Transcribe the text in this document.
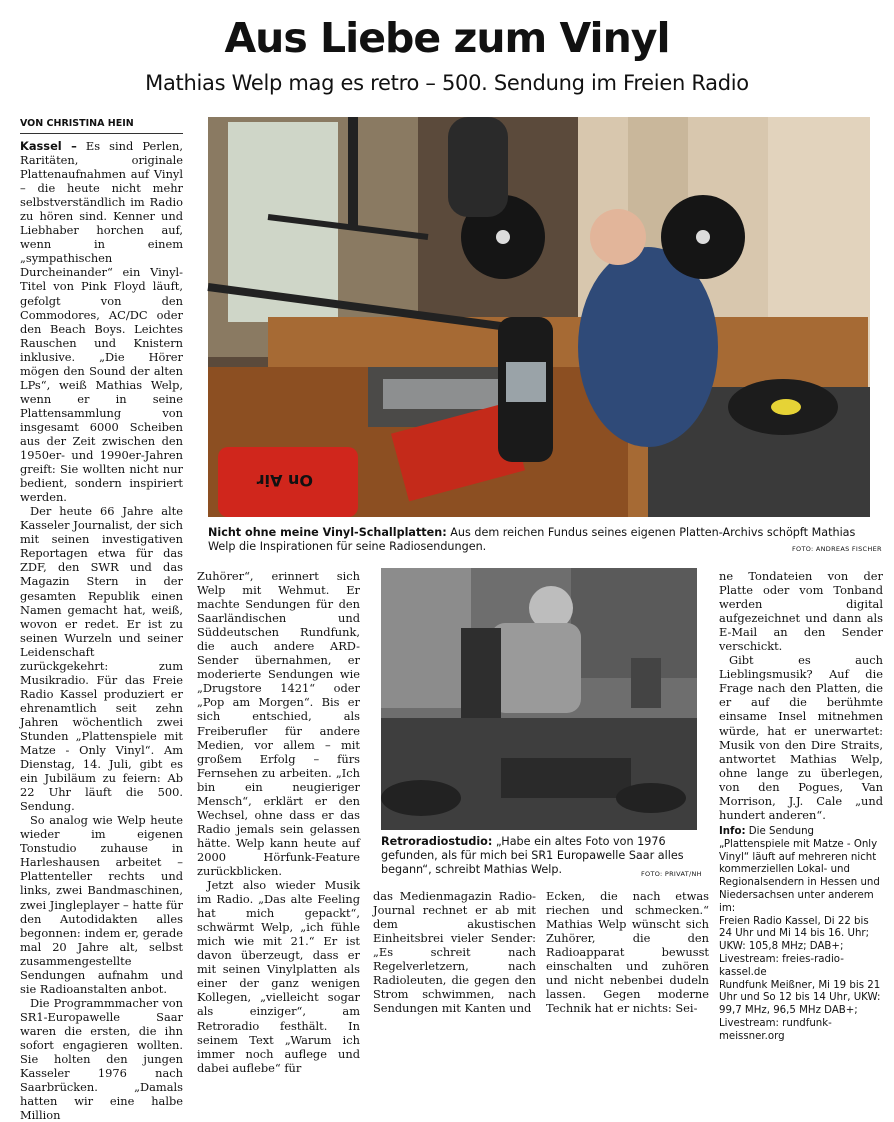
Aus Liebe zum Vinyl
Mathias Welp mag es retro – 500. Sendung im Freien Radio
VON CHRISTINA HEIN

Kassel – Es sind Perlen, Raritäten, originale Plattenaufnahmen auf Vinyl – die heute nicht mehr selbstverständlich im Radio zu hören sind. Kenner und Liebhaber horchen auf, wenn in einem „sympathischen Durcheinander“ ein Vinyl-Titel von Pink Floyd läuft, gefolgt von den Commodores, AC/DC oder den Beach Boys. Leichtes Rauschen und Knistern inklusive. „Die Hörer mögen den Sound der alten LPs“, weiß Mathias Welp, wenn er in seine Plattensammlung von insgesamt 6000 Scheiben aus der Zeit zwischen den 1950er- und 1990er-Jahren greift: Sie wollten nicht nur bedient, sondern inspiriert werden.

Der heute 66 Jahre alte Kasseler Journalist, der sich mit seinen investigativen Reportagen etwa für das ZDF, den SWR und das Magazin Stern in der gesamten Republik einen Namen gemacht hat, weiß, wovon er redet. Er ist zu seinen Wurzeln und seiner Leidenschaft zurückgekehrt: zum Musikradio. Für das Freie Radio Kassel produziert er ehrenamtlich seit zehn Jahren wöchentlich zwei Stunden „Plattenspiele mit Matze - Only Vinyl“. Am Dienstag, 14. Juli, gibt es ein Jubiläum zu feiern: Ab 22 Uhr läuft die 500. Sendung.

So analog wie Welp heute wieder im eigenen Tonstudio zuhause in Harleshausen arbeitet – Plattenteller rechts und links, zwei Bandmaschinen, zwei Jingleplayer – hatte für den Autodidakten alles begonnen: indem er, gerade mal 20 Jahre alt, selbst zusammengestellte Sendungen aufnahm und sie Radioanstalten anbot.

Die Programmmacher von SR1-Europawelle Saar waren die ersten, die ihn sofort engagieren wollten. Sie holten den jungen Kasseler 1976 nach Saarbrücken. „Damals hatten wir eine halbe Million

On Air
Nicht ohne meine Vinyl-Schallplatten: Aus dem reichen Fundus seines eigenen Platten-Archivs schöpft Mathias Welp die Inspirationen für seine Radiosendungen.	FOTO: ANDREAS FISCHER

Zuhörer“, erinnert sich Welp mit Wehmut. Er machte Sendungen für den Saarländischen und Süddeutschen Rundfunk, die auch andere ARD-Sender übernahmen, er moderierte Sendungen wie „Drugstore 1421“ oder „Pop am Morgen“. Bis er sich entschied, als Freiberufler für andere Medien, vor allem – mit großem Erfolg – fürs Fernsehen zu arbeiten. „Ich bin ein neugieriger Mensch“, erklärt er den Wechsel, ohne dass er das Radio jemals sein gelassen hätte. Welp kann heute auf 2000 Hörfunk-Feature zurückblicken.

Jetzt also wieder Musik im Radio. „Das alte Feeling hat mich gepackt“, schwärmt Welp, „ich fühle mich wie mit 21.“ Er ist davon überzeugt, dass er mit seinen Vinylplatten als einer der ganz wenigen Kollegen, „vielleicht sogar als einziger“, am Retroradio festhält. In seinem Text „Warum ich immer noch auflege und dabei auflebe“ für

Retroradiostudio: „Habe ein altes Foto von 1976 gefunden, als für mich bei SR1 Europawelle Saar alles begann“, schreibt Mathias Welp.	FOTO: PRIVAT/NH

das Medienmagazin Radio-Journal rechnet er ab mit dem akustischen Einheitsbrei vieler Sender: „Es schreit nach Regelverletzern, nach Radioleuten, die gegen den Strom schwimmen, nach Sendungen mit Kanten und

Ecken, die nach etwas riechen und schmecken.“ Mathias Welp wünscht sich Zuhörer, die den Radioapparat bewusst einschalten und zuhören und nicht nebenbei dudeln lassen. Gegen moderne Technik hat er nichts: Sei-

ne Tondateien von der Platte oder vom Tonband werden digital aufgezeichnet und dann als E-Mail an den Sender verschickt.

Gibt es auch Lieblingsmusik? Auf die Frage nach den Platten, die er auf die berühmte einsame Insel mitnehmen würde, hat er unerwartet: Musik von den Dire Straits, antwortet Mathias Welp, ohne lange zu überlegen, von den Pogues, Van Morrison, J.J. Cale „und hundert anderen“.

Info: Die Sendung „Plattenspiele mit Matze - Only Vinyl“ läuft auf mehreren nicht kommerziellen Lokal- und Regionalsendern in Hessen und Niedersachsen unter anderem im:
Freien Radio Kassel, Di 22 bis 24 Uhr und Mi 14 bis 16. Uhr; UKW: 105,8 MHz; DAB+; Livestream: freies-radio-kassel.de
Rundfunk Meißner, Mi 19 bis 21 Uhr und So 12 bis 14 Uhr, UKW: 99,7 MHz, 96,5 MHz DAB+; Livestream: rundfunk-meissner.org
